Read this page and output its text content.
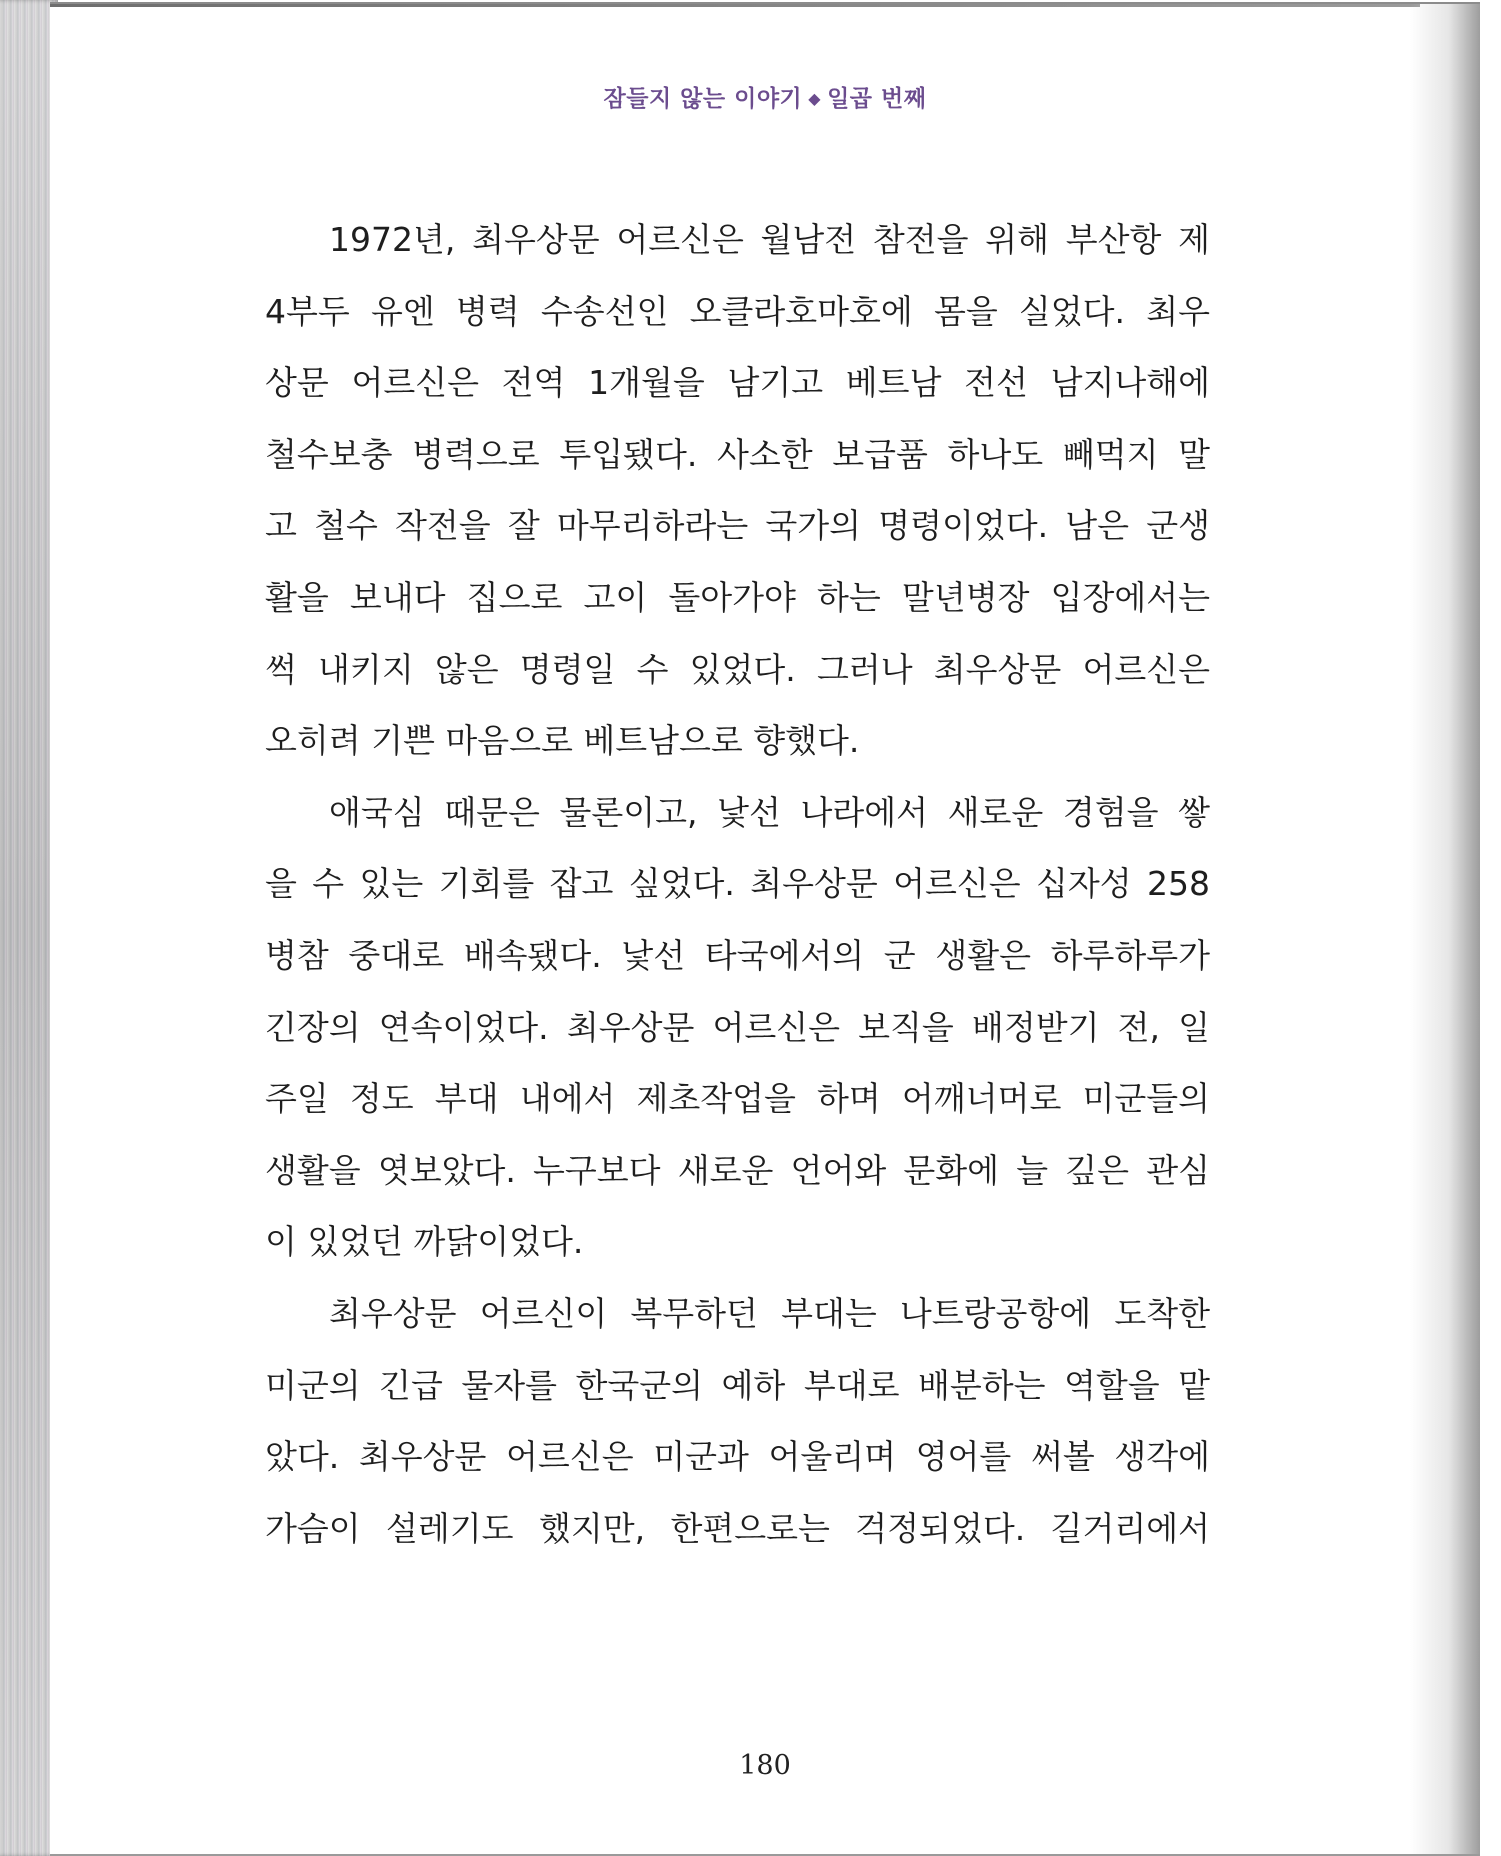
잠들지 않는 이야기 ◆ 일곱 번째
1972년, 최우상문 어르신은 월남전 참전을 위해 부산항 제
4부두 유엔 병력 수송선인 오클라호마호에 몸을 실었다. 최우
상문 어르신은 전역 1개월을 남기고 베트남 전선 남지나해에
철수보충 병력으로 투입됐다. 사소한 보급품 하나도 빼먹지 말
고 철수 작전을 잘 마무리하라는 국가의 명령이었다. 남은 군생
활을 보내다 집으로 고이 돌아가야 하는 말년병장 입장에서는
썩 내키지 않은 명령일 수 있었다. 그러나 최우상문 어르신은
오히려 기쁜 마음으로 베트남으로 향했다.
애국심 때문은 물론이고, 낯선 나라에서 새로운 경험을 쌓
을 수 있는 기회를 잡고 싶었다. 최우상문 어르신은 십자성 258
병참 중대로 배속됐다. 낯선 타국에서의 군 생활은 하루하루가
긴장의 연속이었다. 최우상문 어르신은 보직을 배정받기 전, 일
주일 정도 부대 내에서 제초작업을 하며 어깨너머로 미군들의
생활을 엿보았다. 누구보다 새로운 언어와 문화에 늘 깊은 관심
이 있었던 까닭이었다.
최우상문 어르신이 복무하던 부대는 나트랑공항에 도착한
미군의 긴급 물자를 한국군의 예하 부대로 배분하는 역할을 맡
았다. 최우상문 어르신은 미군과 어울리며 영어를 써볼 생각에
가슴이 설레기도 했지만, 한편으로는 걱정되었다. 길거리에서
180
